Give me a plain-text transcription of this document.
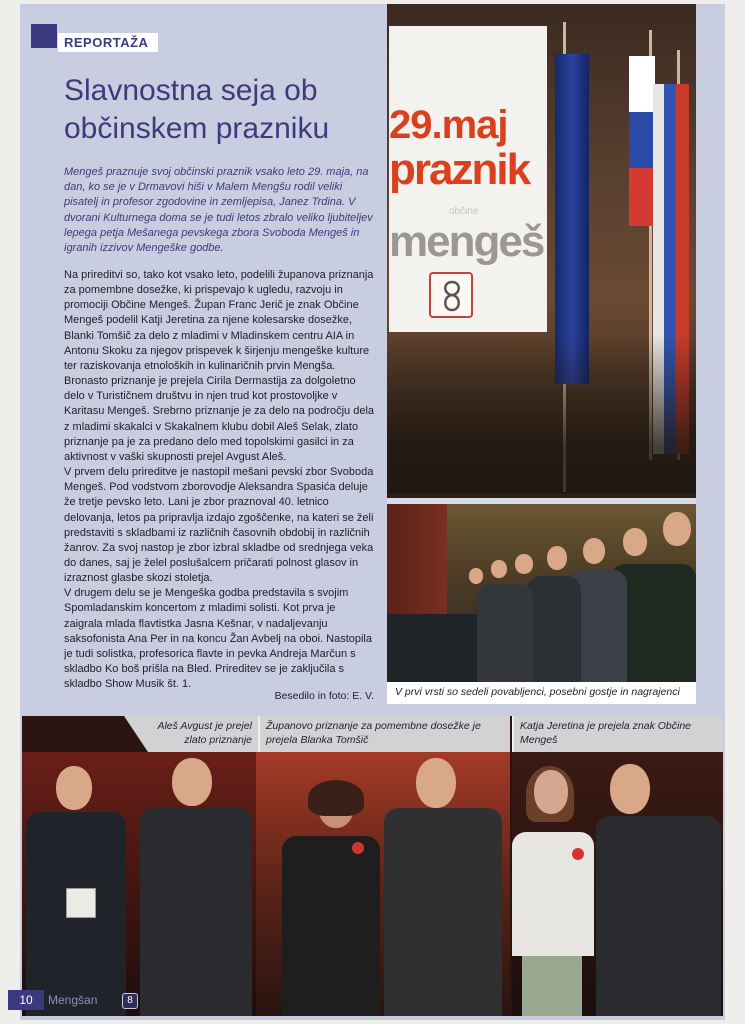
REPORTAŽA
Slavnostna seja ob občinskem prazniku
Mengeš praznuje svoj občinski praznik vsako leto 29. maja, na dan, ko se je v Drmavovi hiši v Malem Mengšu rodil veliki pisatelj in profesor zgodovine in zemljepisa, Janez Trdina. V dvorani Kulturnega doma se je tudi letos zbralo veliko ljubiteljev lepega petja Mešanega pevskega zbora Svoboda Mengeš in igranih izzivov Mengeške godbe.

Na prireditvi so, tako kot vsako leto, podelili županova priznanja za pomembne dosežke, ki prispevajo k ugledu, razvoju in promociji Občine Mengeš. Župan Franc Jerič je znak Občine Mengeš podelil Katji Jeretina za njene kolesarske dosežke, Blanki Tomšič za delo z mladimi v Mladinskem centru AIA in Antonu Skoku za njegov prispevek k širjenju mengeške kulture ter raziskovanja etnoloških in kulinaričnih prvin Mengša. Bronasto priznanje je prejela Cirila Dermastija za dolgoletno delo v Turističnem društvu in njen trud kot prostovoljke v Karitasu Mengeš. Srebrno priznanje je za delo na področju dela z mladimi skakalci v Skakalnem klubu dobil Aleš Selak, zlato priznanje pa je za predano delo med topolskimi gasilci in za aktivnost v vaški skupnosti prejel Avgust Aleš.

V prvem delu prireditve je nastopil mešani pevski zbor Svoboda Mengeš. Pod vodstvom zborovodje Aleksandra Spasića deluje že tretje pevsko leto. Lani je zbor praznoval 40. letnico delovanja, letos pa pripravlja izdajo zgoščenke, na kateri se želi predstaviti s skladbami iz različnih časovnih obdobij in različnih žanrov. Za svoj nastop je zbor izbral skladbe od srednjega veka do danes, saj je želel poslušalcem pričarati polnost glasov in izraznost glasbe skozi stoletja.

V drugem delu se je Mengeška godba predstavila s svojim Spomladanskim koncertom z mladimi solisti. Kot prva je zaigrala mlada flavtistka Jasna Kešnar, v nadaljevanju saksofonista Ana Per in na koncu Žan Avbelj na oboi. Nastopila je tudi solistka, profesorica flavte in pevka Andreja Marčun s skladbo Ko boš prišla na Bled. Prireditev se je zaključila s skladbo Show Musik št. 1.

Besedilo in foto: E. V.
29.maj
praznik
občine
mengeš
V prvi vrsti so sedeli povabljenci, posebni gostje in nagrajenci
Aleš Avgust je prejel zlato priznanje
Županovo priznanje za pomembne dosežke je prejela Blanka Tomšič
Katja Jeretina je prejela znak Občine Mengeš
10	Mengšan	8
